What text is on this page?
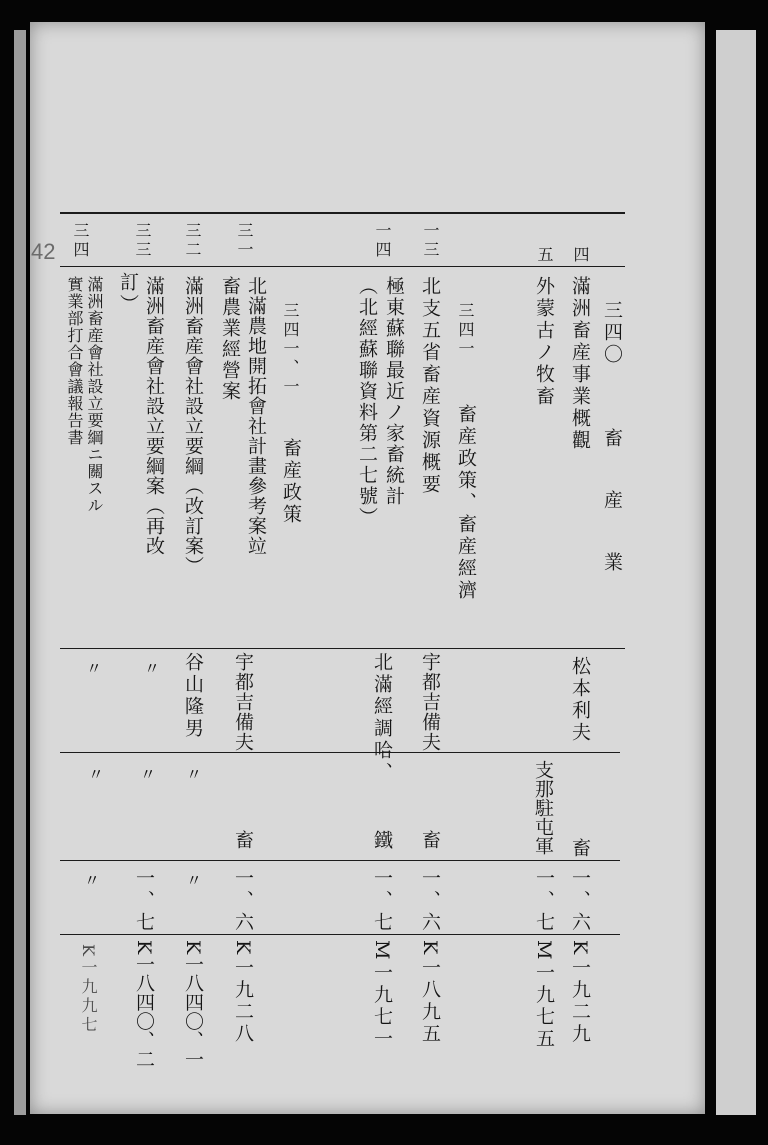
42
三四〇
畜　産　業
三四一
畜産政策、畜産經濟
三四一、一
畜産政策
四
滿洲畜産事業概觀
松本利夫
支那駐屯軍 畜
一、六
K一九二九
五
外蒙古ノ牧畜
一、七
M一九七五
一三
北支五省畜産資源概要
宇都吉備夫
畜
一、六
K一八九五
一四
極東蘇聯最近ノ家畜統計
（北經蘇聯資料第二七號）
北滿經調哈、
鐵
一、七
M一九七一
三一
北滿農地開拓會社計畫參考案竝
畜農業經營案
宇都吉備夫
畜
一、六
K一九二八
三二
滿洲畜産會社設立要綱（改訂案）
谷山隆男
〃
〃
K一八四〇、一
三三
滿洲畜産會社設立要綱案（再改
訂）
〃
〃
一、七
K一八四〇、二
三四
滿洲畜産會社設立要綱ニ關スル
實業部打合會議報告書
〃
〃
〃
K一九九七
